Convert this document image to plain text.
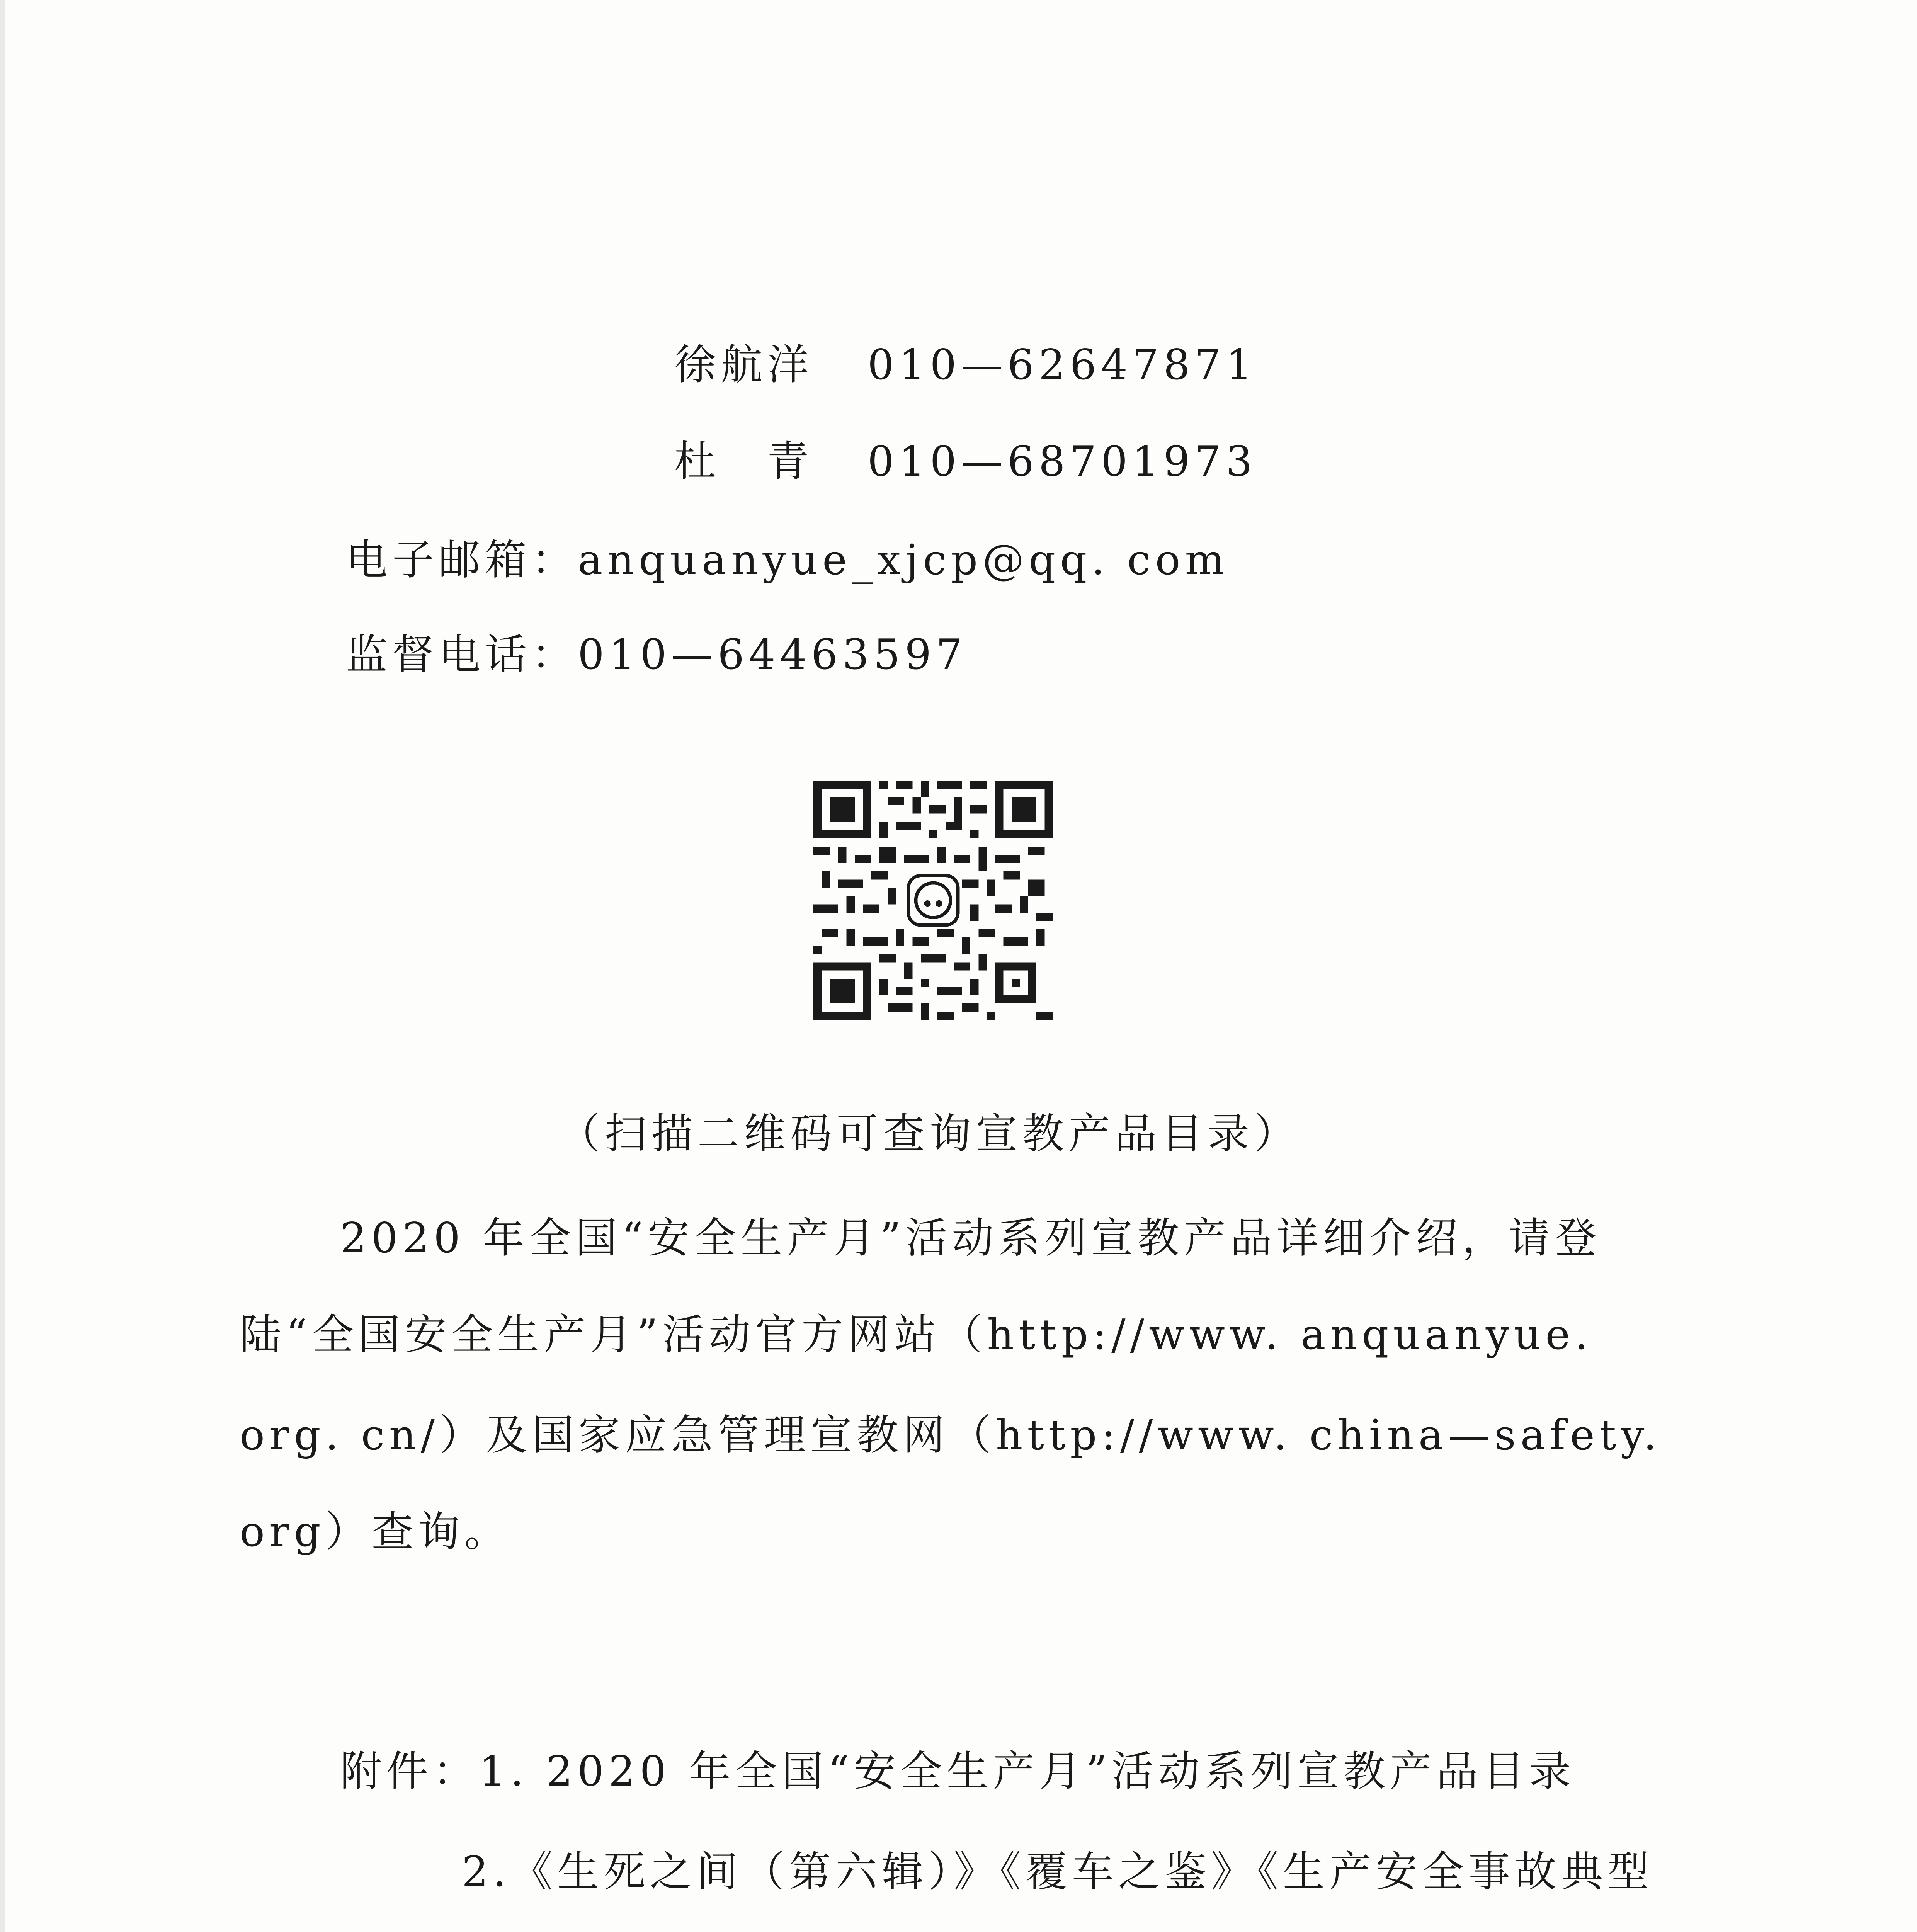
徐航洋 010—62647871
杜　青 010—68701973
电子邮箱：anquanyue_xjcp@qq. com
监督电话：010—64463597
（扫描二维码可查询宣教产品目录）
2020 年全国“安全生产月”活动系列宣教产品详细介绍，请登
陆“全国安全生产月”活动官方网站（http://www. anquanyue.
org. cn/）及国家应急管理宣教网（http://www. china—safety.
org）查询。
附件：1. 2020 年全国“安全生产月”活动系列宣教产品目录
2.《生死之间（第六辑）》《覆车之鉴》《生产安全事故典型
